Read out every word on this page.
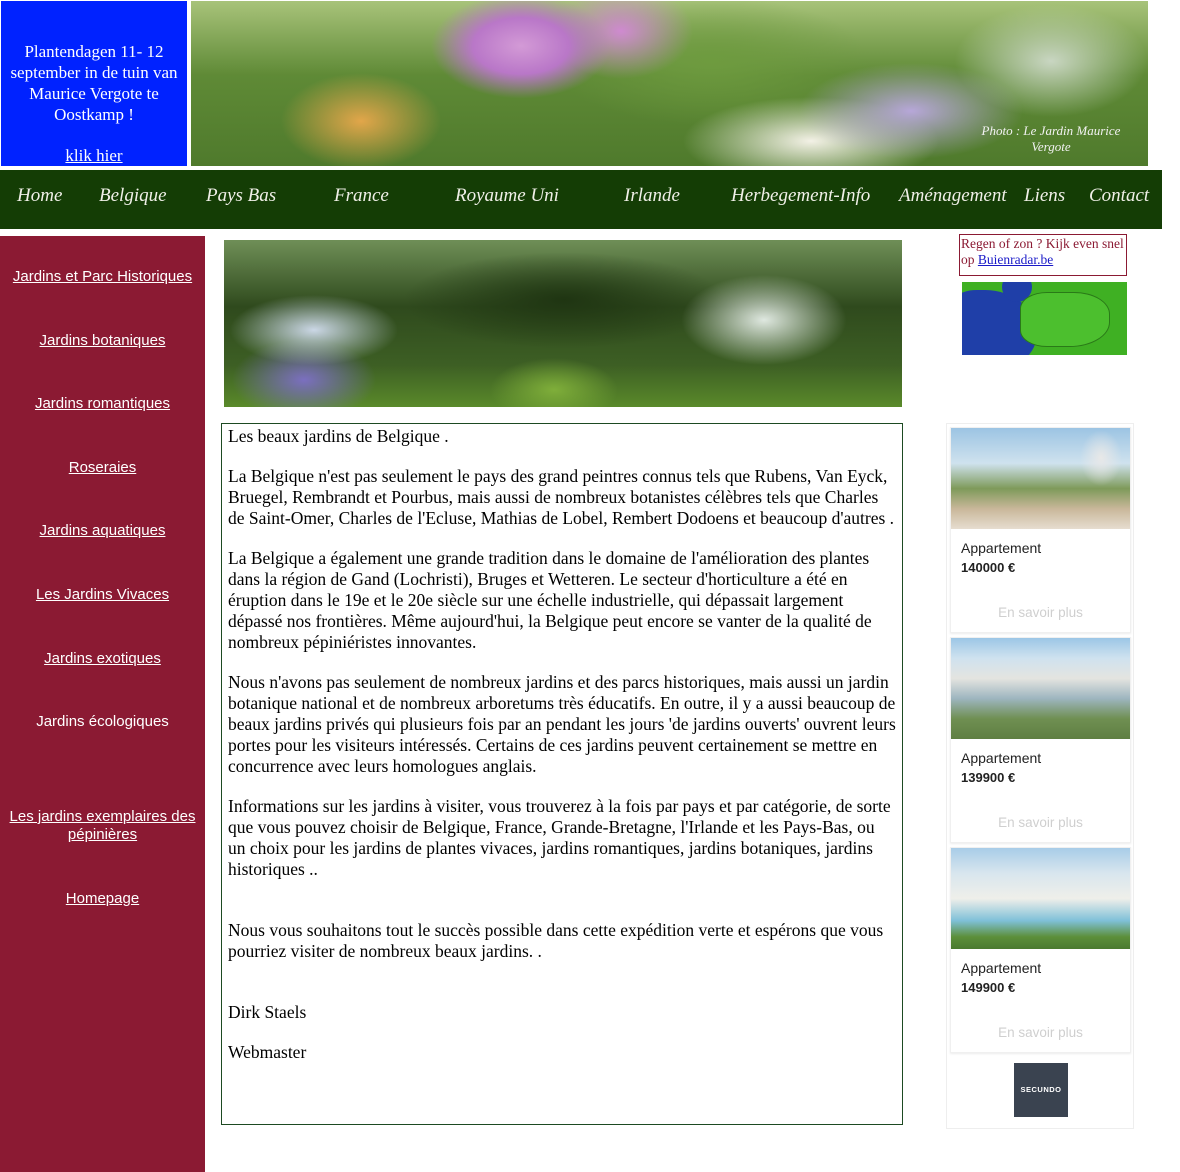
Plantendagen 11- 12
september in de tuin van
Maurice Vergote te
Oostkamp !
klik hier
Photo : Le Jardin Maurice
Vergote
Home Belgique Pays Bas	France	Royaume Uni	Irlande	Herbegement-Info Aménagement Liens Contact
Jardins et Parc Historiques
Jardins botaniques
Jardins romantiques
Roseraies
Jardins aquatiques
Les Jardins Vivaces
Jardins exotiques
Jardins écologiques
Les jardins exemplaires des
pépinières
Homepage

Les beaux jardins de Belgique .

La Belgique n'est pas seulement le pays des grand peintres connus tels que Rubens, Van Eyck, Bruegel, Rembrandt et Pourbus, mais aussi de nombreux botanistes célèbres tels que Charles de Saint-Omer, Charles de l'Ecluse, Mathias de Lobel, Rembert Dodoens et beaucoup d'autres .

La Belgique a également une grande tradition dans le domaine de l'amélioration des plantes dans la région de Gand (Lochristi), Bruges et Wetteren. Le secteur d'horticulture a été en éruption dans le 19e et le 20e siècle sur une échelle industrielle, qui dépassait largement dépassé nos frontières. Même aujourd'hui, la Belgique peut encore se vanter de la qualité de nombreux pépiniéristes innovantes.

Nous n'avons pas seulement de nombreux jardins et des parcs historiques, mais aussi un jardin botanique national et de nombreux arboretums très éducatifs. En outre, il y a aussi beaucoup de beaux jardins privés qui plusieurs fois par an pendant les jours 'de jardins ouverts' ouvrent leurs portes pour les visiteurs intéressés. Certains de ces jardins peuvent certainement se mettre en concurrence avec leurs homologues anglais.

Informations sur les jardins à visiter, vous trouverez à la fois par pays et par catégorie, de sorte que vous pouvez choisir de Belgique, France, Grande-Bretagne, l'Irlande et les Pays-Bas, ou un choix pour les jardins de plantes vivaces, jardins romantiques, jardins botaniques, jardins historiques ..

Nous vous souhaitons tout le succès possible dans cette expédition verte et espérons que vous pourriez visiter de nombreux beaux jardins. .

Dirk Staels

Webmaster

Regen of zon ? Kijk even snel op Buienradar.be
Appartement
140000 €
En savoir plus
Appartement
139900 €
En savoir plus
Appartement
149900 €
En savoir plus
SECUNDO
